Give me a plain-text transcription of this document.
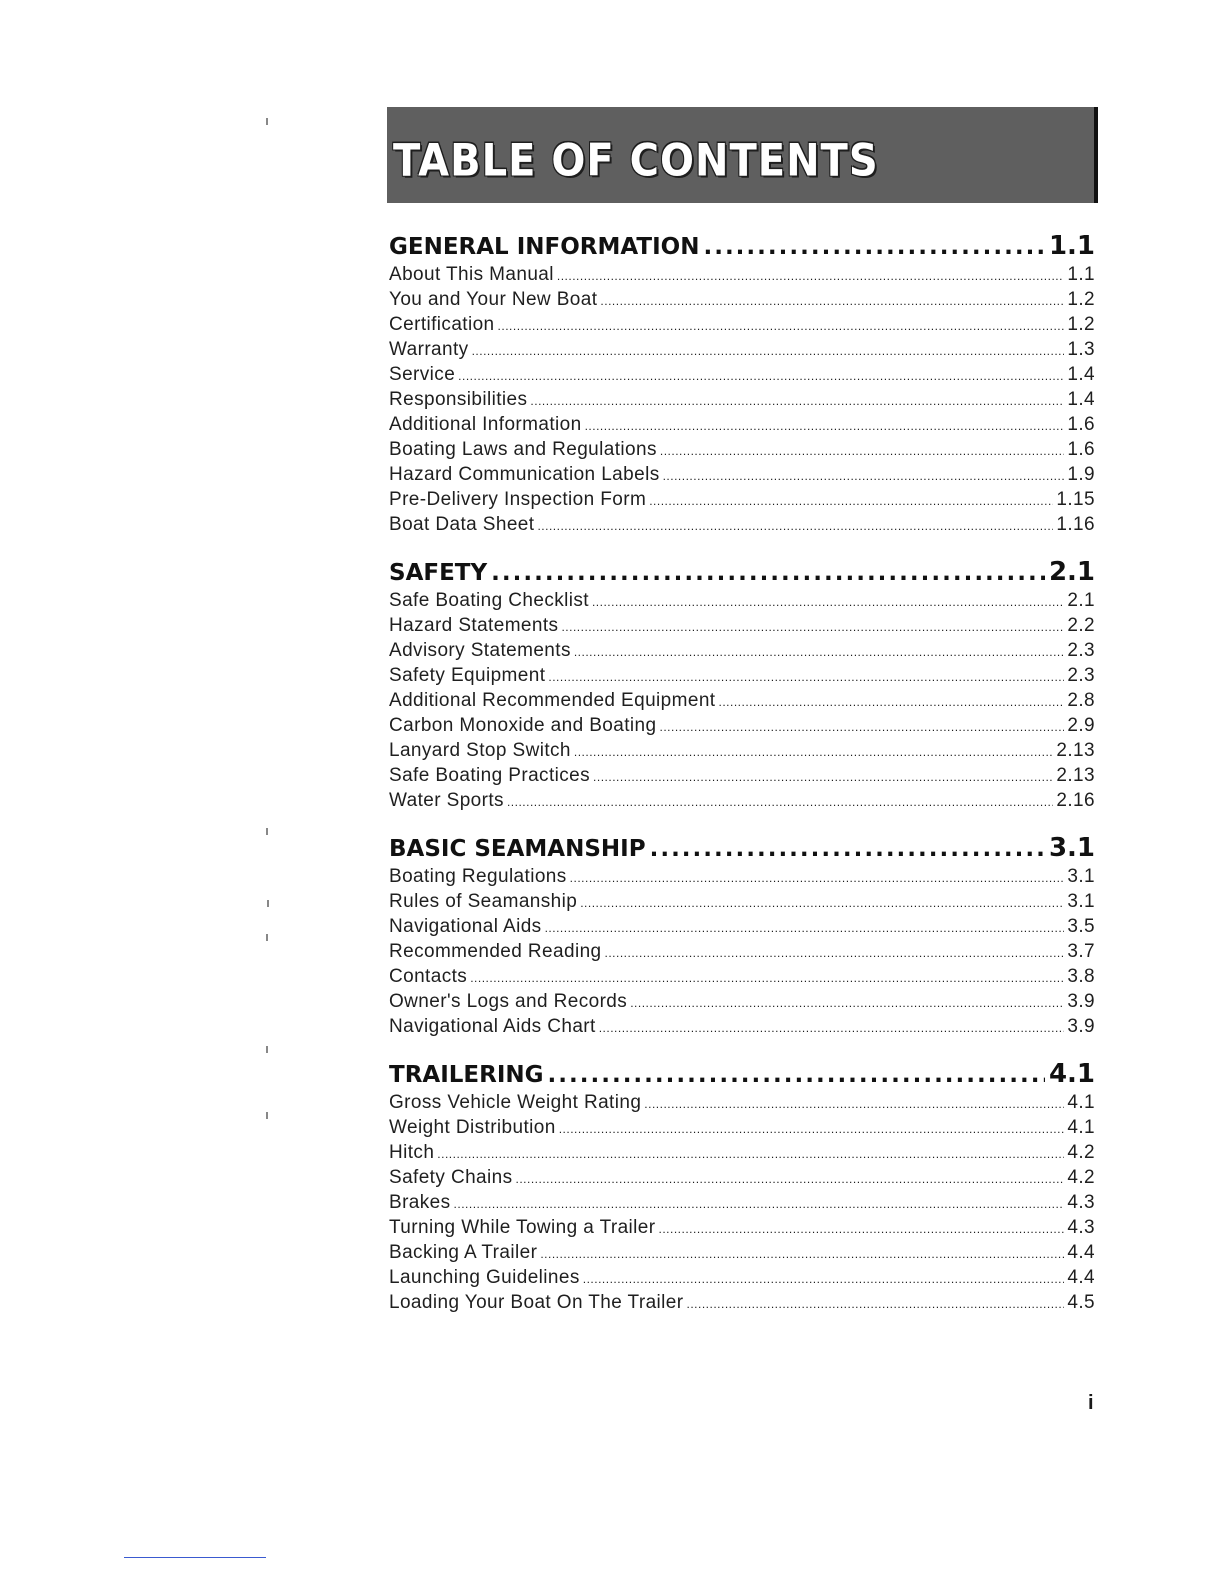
TABLE OF CONTENTS
GENERAL INFORMATION .....	1.1
About This Manual .....	1.1
You and Your New Boat .....	1.2
Certification .....	1.2
Warranty .....	1.3
Service .....	1.4
Responsibilities .....	1.4
Additional Information .....	1.6
Boating Laws and Regulations .....	1.6
Hazard Communication Labels .....	1.9
Pre-Delivery Inspection Form .....	1.15
Boat Data Sheet .....	1.16
SAFETY .....	2.1
Safe Boating Checklist .....	2.1
Hazard Statements .....	2.2
Advisory Statements .....	2.3
Safety Equipment .....	2.3
Additional Recommended Equipment .....	2.8
Carbon Monoxide and Boating .....	2.9
Lanyard Stop Switch .....	2.13
Safe Boating Practices .....	2.13
Water Sports .....	2.16
BASIC SEAMANSHIP .....	3.1
Boating Regulations .....	3.1
Rules of Seamanship .....	3.1
Navigational Aids .....	3.5
Recommended Reading .....	3.7
Contacts .....	3.8
Owner's Logs and Records .....	3.9
Navigational Aids Chart .....	3.9
TRAILERING .....	4.1
Gross Vehicle Weight Rating .....	4.1
Weight Distribution .....	4.1
Hitch .....	4.2
Safety Chains .....	4.2
Brakes .....	4.3
Turning While Towing a Trailer .....	4.3
Backing A Trailer .....	4.4
Launching Guidelines .....	4.4
Loading Your Boat On The Trailer .....	4.5
i
